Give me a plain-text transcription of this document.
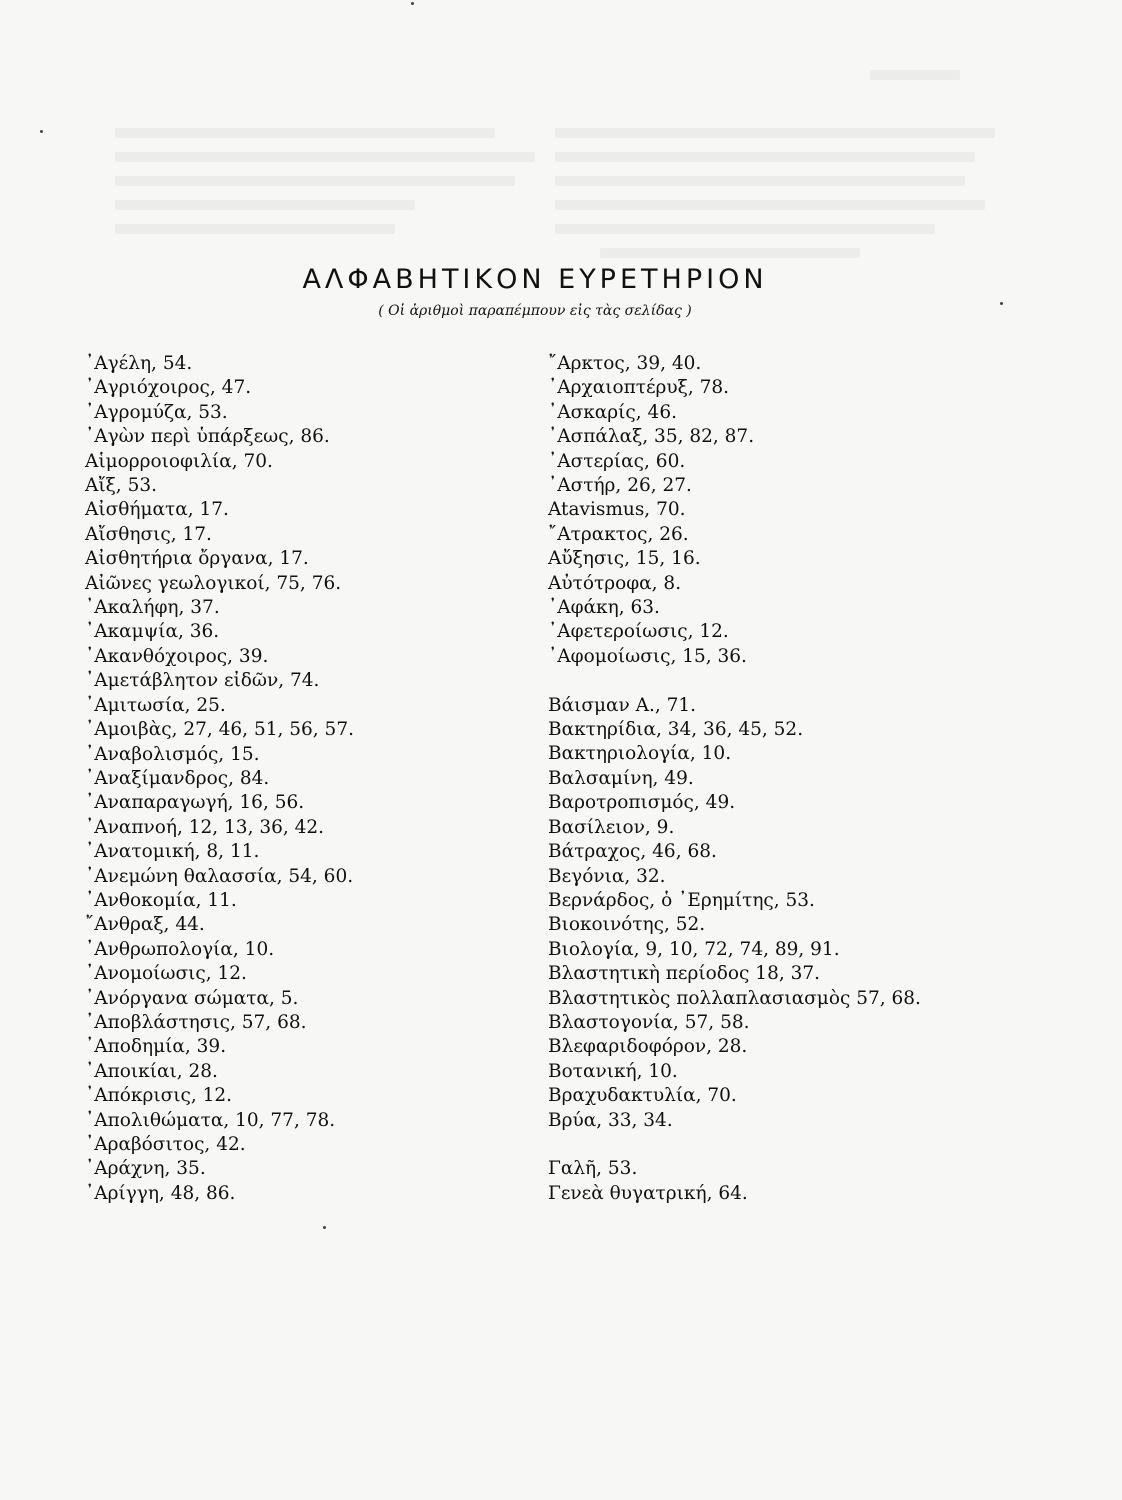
ΑΛΦΑΒΗΤΙΚΟΝ ΕΥΡΕΤΗΡΙΟΝ

( Οἱ ἀριθμοὶ παραπέμπουν εἰς τὰς σελίδας )

᾿Αγέλη, 54.
᾿Αγριόχοιρος, 47.
᾿Αγρομύζα, 53.
᾿Αγὼν περὶ ὑπάρξεως, 86.
Αἱμορροιοφιλία, 70.
Αἴξ, 53.
Αἰσθήματα, 17.
Αἴσθησις, 17.
Αἰσθητήρια ὄργανα, 17.
Αἰῶνες γεωλογικοί, 75, 76.
᾿Ακαλήφη, 37.
᾿Ακαμψία, 36.
᾿Ακανθόχοιρος, 39.
᾿Αμετάβλητον εἰδῶν, 74.
᾿Αμιτωσία, 25.
᾿Αμοιβὰς, 27, 46, 51, 56, 57.
᾿Αναβολισμός, 15.
᾿Αναξίμανδρος, 84.
᾿Αναπαραγωγή, 16, 56.
᾿Αναπνοή, 12, 13, 36, 42.
᾿Ανατομική, 8, 11.
᾿Ανεμώνη θαλασσία, 54, 60.
᾿Ανθοκομία, 11.
῎Ανθραξ, 44.
᾿Ανθρωπολογία, 10.
᾿Ανομοίωσις, 12.
᾿Ανόργανα σώματα, 5.
᾿Αποβλάστησις, 57, 68.
᾿Αποδημία, 39.
᾿Αποικίαι, 28.
᾿Απόκρισις, 12.
᾿Απολιθώματα, 10, 77, 78.
᾿Αραβόσιτος, 42.
᾿Αράχνη, 35.
᾿Αρίγγη, 48, 86.
῎Αρκτος, 39, 40.
᾿Αρχαιοπτέρυξ, 78.
᾿Ασκαρίς, 46.
᾿Ασπάλαξ, 35, 82, 87.
᾿Αστερίας, 60.
᾿Αστήρ, 26, 27.
Atavismus, 70.
῎Ατρακτος, 26.
Αὔξησις, 15, 16.
Αὐτότροφα, 8.
᾿Αφάκη, 63.
᾿Αφετεροίωσις, 12.
᾿Αφομοίωσις, 15, 36.
Βάισμαν Α., 71.
Βακτηρίδια, 34, 36, 45, 52.
Βακτηριολογία, 10.
Βαλσαμίνη, 49.
Βαροτροπισμός, 49.
Βασίλειον, 9.
Βάτραχος, 46, 68.
Βεγόνια, 32.
Βερνάρδος, ὁ ᾿Ερημίτης, 53.
Βιοκοινότης, 52.
Βιολογία, 9, 10, 72, 74, 89, 91.
Βλαστητικὴ περίοδος 18, 37.
Βλαστητικὸς πολλαπλασιασμὸς 57, 68.
Βλαστογονία, 57, 58.
Βλεφαριδοφόρον, 28.
Βοτανική, 10.
Βραχυδακτυλία, 70.
Βρύα, 33, 34.
Γαλῆ, 53.
Γενεὰ θυγατρική, 64.
